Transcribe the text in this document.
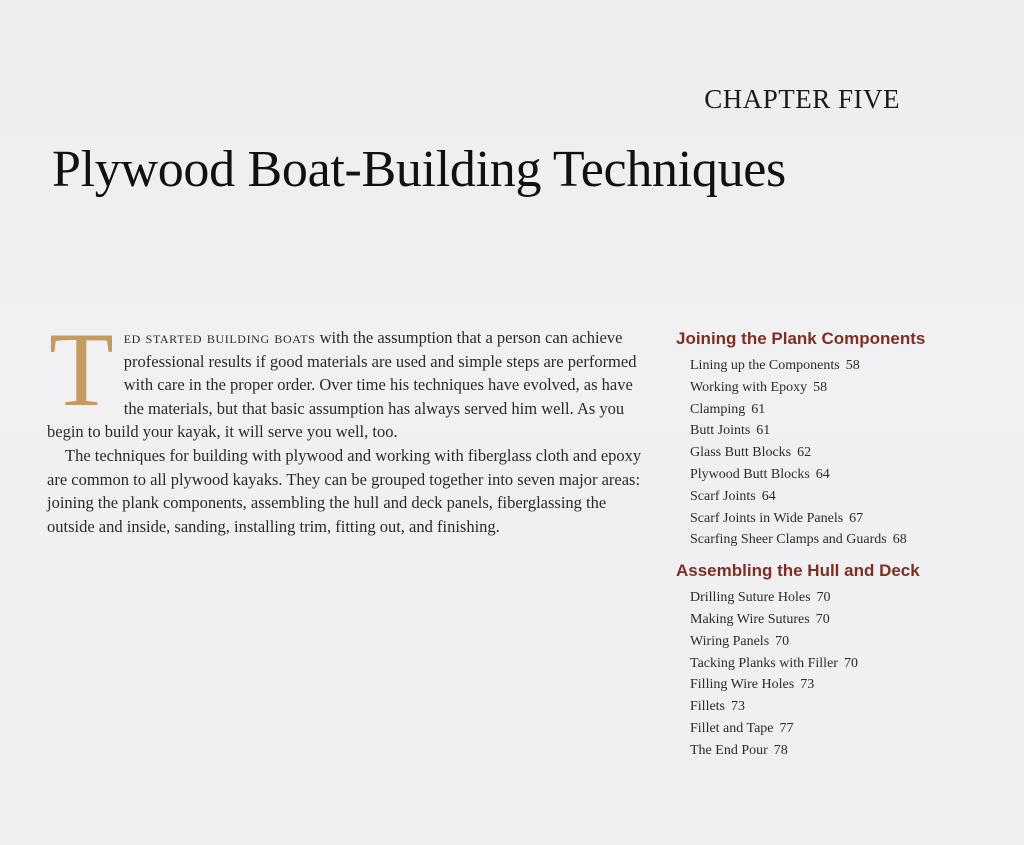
CHAPTER FIVE
Plywood Boat-Building Techniques

Ted started building boats with the assumption that a person can achieve professional results if good materials are used and simple steps are performed with care in the proper order. Over time his techniques have evolved, as have the materials, but that basic assumption has always served him well. As you begin to build your kayak, it will serve you well, too.

The techniques for building with plywood and working with fiberglass cloth and epoxy are common to all plywood kayaks. They can be grouped together into seven major areas: joining the plank components, assembling the hull and deck panels, fiberglassing the outside and inside, sanding, installing trim, fitting out, and finishing.

Joining the Plank Components
Lining up the Components 58
Working with Epoxy 58
Clamping 61
Butt Joints 61
Glass Butt Blocks 62
Plywood Butt Blocks 64
Scarf Joints 64
Scarf Joints in Wide Panels 67
Scarfing Sheer Clamps and Guards 68
Assembling the Hull and Deck
Drilling Suture Holes 70
Making Wire Sutures 70
Wiring Panels 70
Tacking Planks with Filler 70
Filling Wire Holes 73
Fillets 73
Fillet and Tape 77
The End Pour 78
